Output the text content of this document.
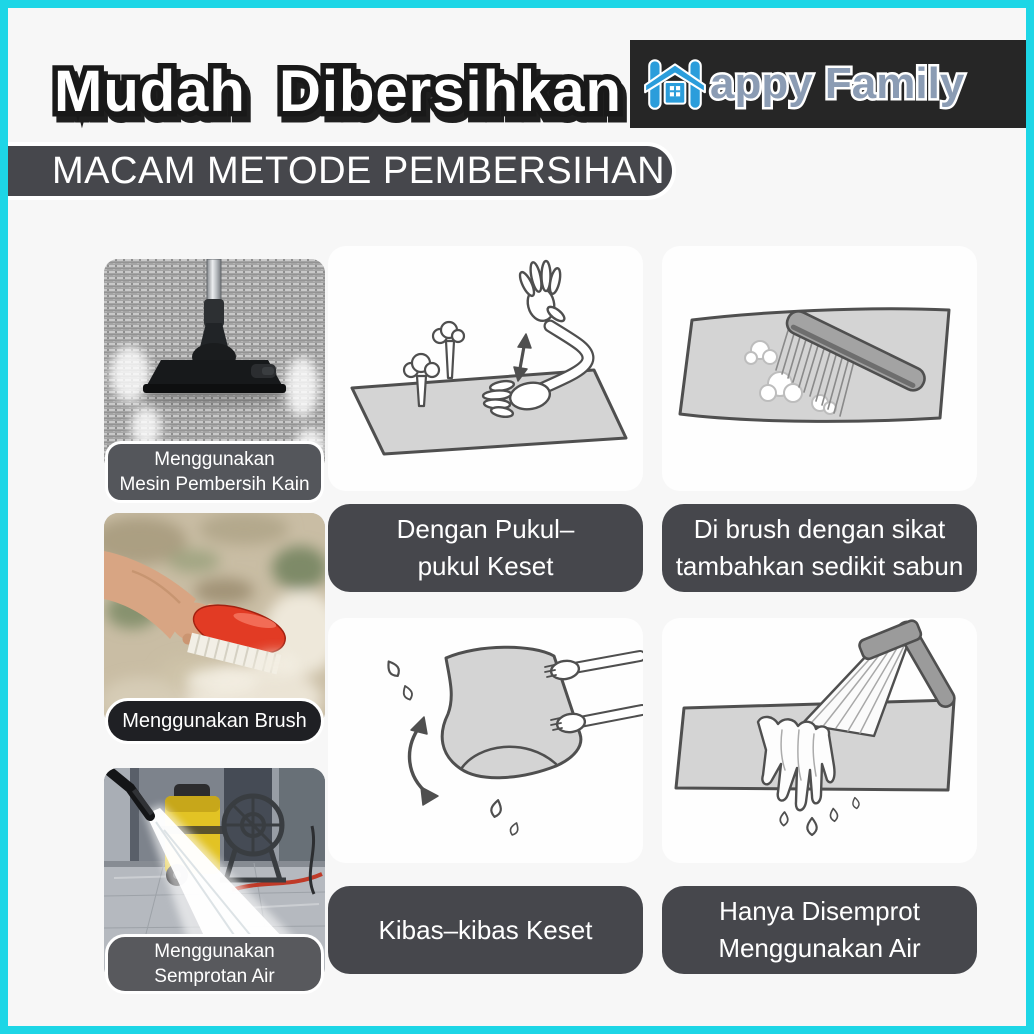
Mudah Dibersihkan Mudah Dibersihkan appy Family appy Family
MACAM METODE PEMBERSIHAN
Menggunakan
Mesin Pembersih Kain
Menggunakan Brush
Menggunakan
Semprotan Air
Dengan Pukul–
pukul Keset
Di brush dengan sikat
tambahkan sedikit sabun
Kibas–kibas Keset
Hanya Disemprot
Menggunakan Air
